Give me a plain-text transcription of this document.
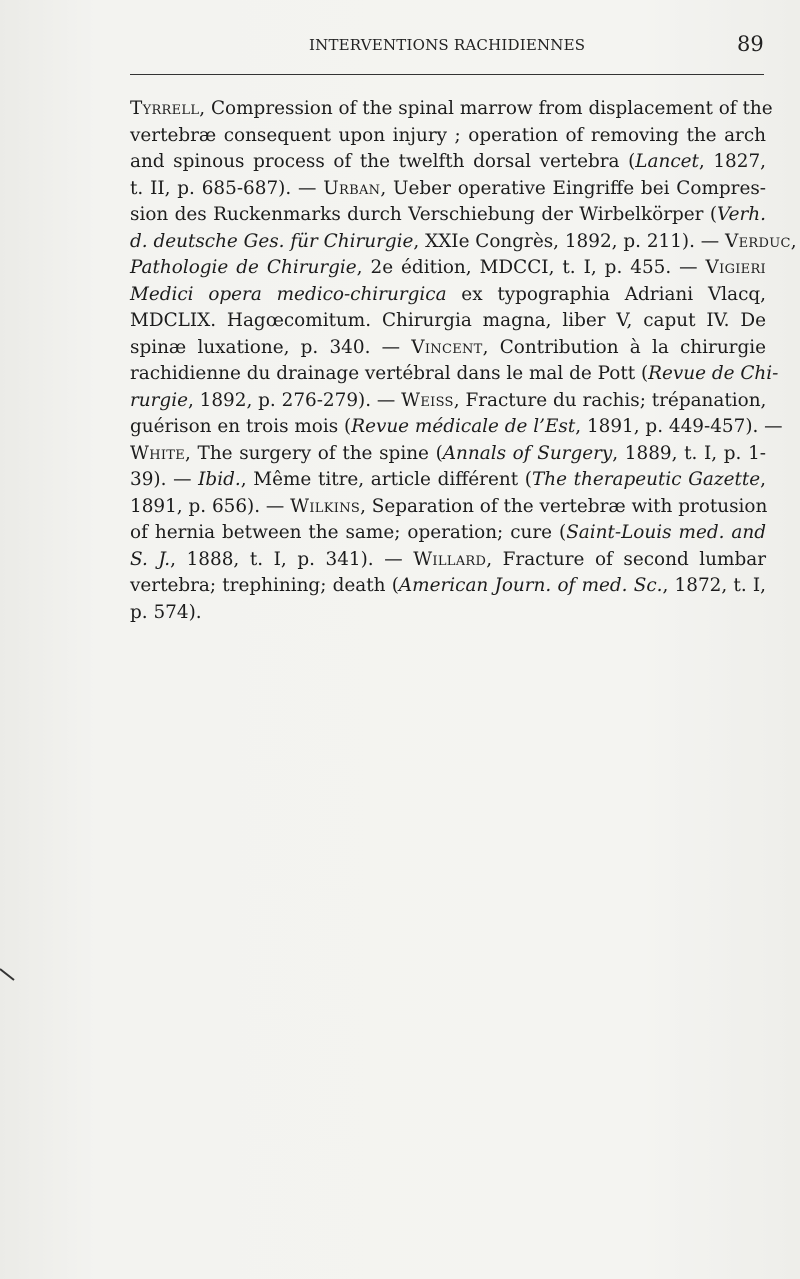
INTERVENTIONS RACHIDIENNES	89
Tyrrell, Compression of the spinal marrow from displacement of the
vertebræ consequent upon injury ; operation of removing the arch
and spinous process of the twelfth dorsal vertebra (Lancet, 1827,
t. II, p. 685-687). — Urban, Ueber operative Eingriffe bei Compres-
sion des Ruckenmarks durch Verschiebung der Wirbelkörper (Verh.
d. deutsche Ges. für Chirurgie, XXIe Congrès, 1892, p. 211). — Verduc,
Pathologie de Chirurgie, 2e édition, MDCCI, t. I, p. 455. — Vigieri
Medici opera medico-chirurgica ex typographia Adriani Vlacq,
MDCLIX. Hagœcomitum. Chirurgia magna, liber V, caput IV. De
spinæ luxatione, p. 340. — Vincent, Contribution à la chirurgie
rachidienne du drainage vertébral dans le mal de Pott (Revue de Chi-
rurgie, 1892, p. 276-279). — Weiss, Fracture du rachis; trépanation,
guérison en trois mois (Revue médicale de l’Est, 1891, p. 449-457). —
White, The surgery of the spine (Annals of Surgery, 1889, t. I, p. 1-
39). — Ibid., Même titre, article différent (The therapeutic Gazette,
1891, p. 656). — Wilkins, Separation of the vertebræ with protusion
of hernia between the same; operation; cure (Saint-Louis med. and
S. J., 1888, t. I, p. 341). — Willard, Fracture of second lumbar
vertebra; trephining; death (American Journ. of med. Sc., 1872, t. I,
p. 574).
